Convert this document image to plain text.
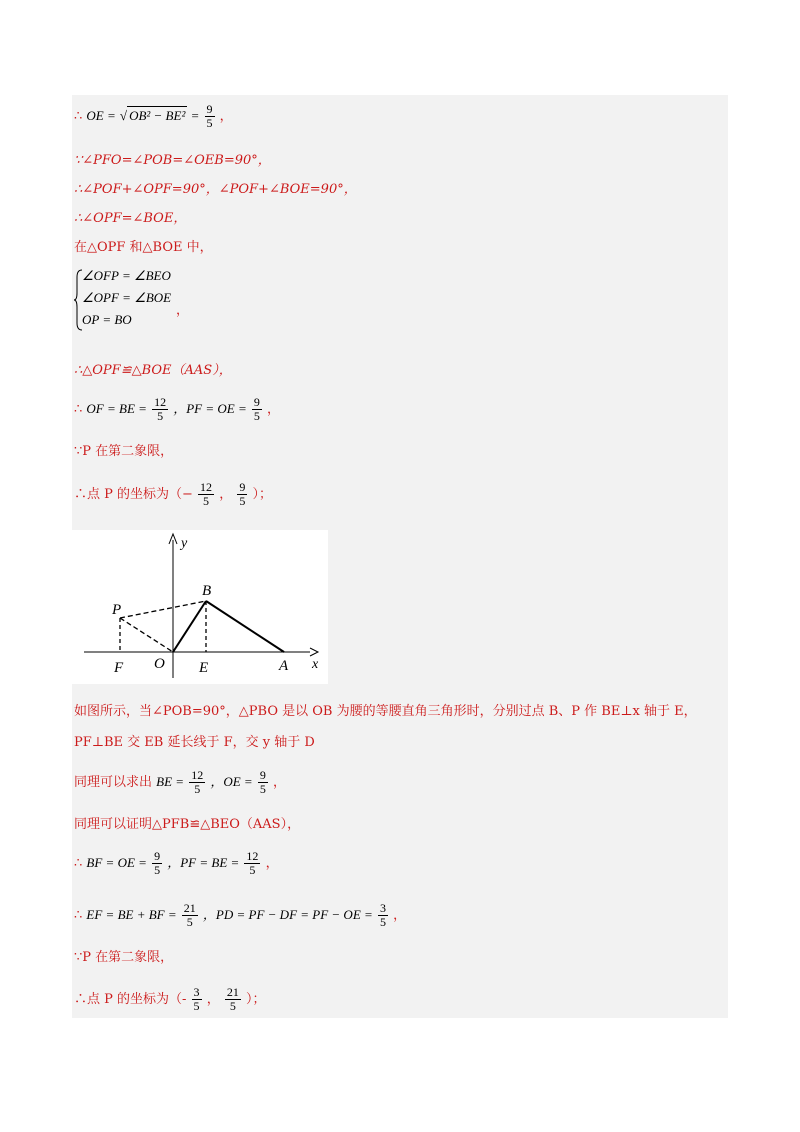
∴ OE = √ $OB^2 - BE^2 = \frac{9}{5}$ ，
∵∠PFO=∠POB=∠OEB=90°，
∴∠POF+∠OPF=90°，∠POF+∠BOE=90°，
∴∠OPF=∠BOE，
在△OPF 和△BOE 中，
∠OFP = ∠BEO
∠OPF = ∠BOE
OP = BO
，
∴△OPF≌△BOE（AAS），
∴ OF = BE = $\frac{12}{5}$ ，PF = OE = $\frac{9}{5}$ ，
∵P 在第二象限，
∴点 P 的坐标为（− $\frac{12}{5}$ ， $\frac{9}{5}$ ）；
y
x
B
P
F O E	A
如图所示，当∠POB=90°，△PBO 是以 OB 为腰的等腰直角三角形时，分别过点 B、P 作 BE⊥x 轴于 E，
PF⊥BE 交 EB 延长线于 F，交 y 轴于 D
同理可以求出 BE = $\frac{12}{5}$ ，OE = $\frac{9}{5}$ ，
同理可以证明△PFB≌△BEO（AAS），
∴ BF = OE = $\frac{9}{5}$ ，PF = BE = $\frac{12}{5}$ ，
∴ EF = BE + BF = $\frac{21}{5}$ ，PD = PF − DF = PF − OE = $\frac{3}{5}$ ，
∵P 在第二象限，
∴点 P 的坐标为（- $\frac{3}{5}$ ， $\frac{21}{5}$ ）；
